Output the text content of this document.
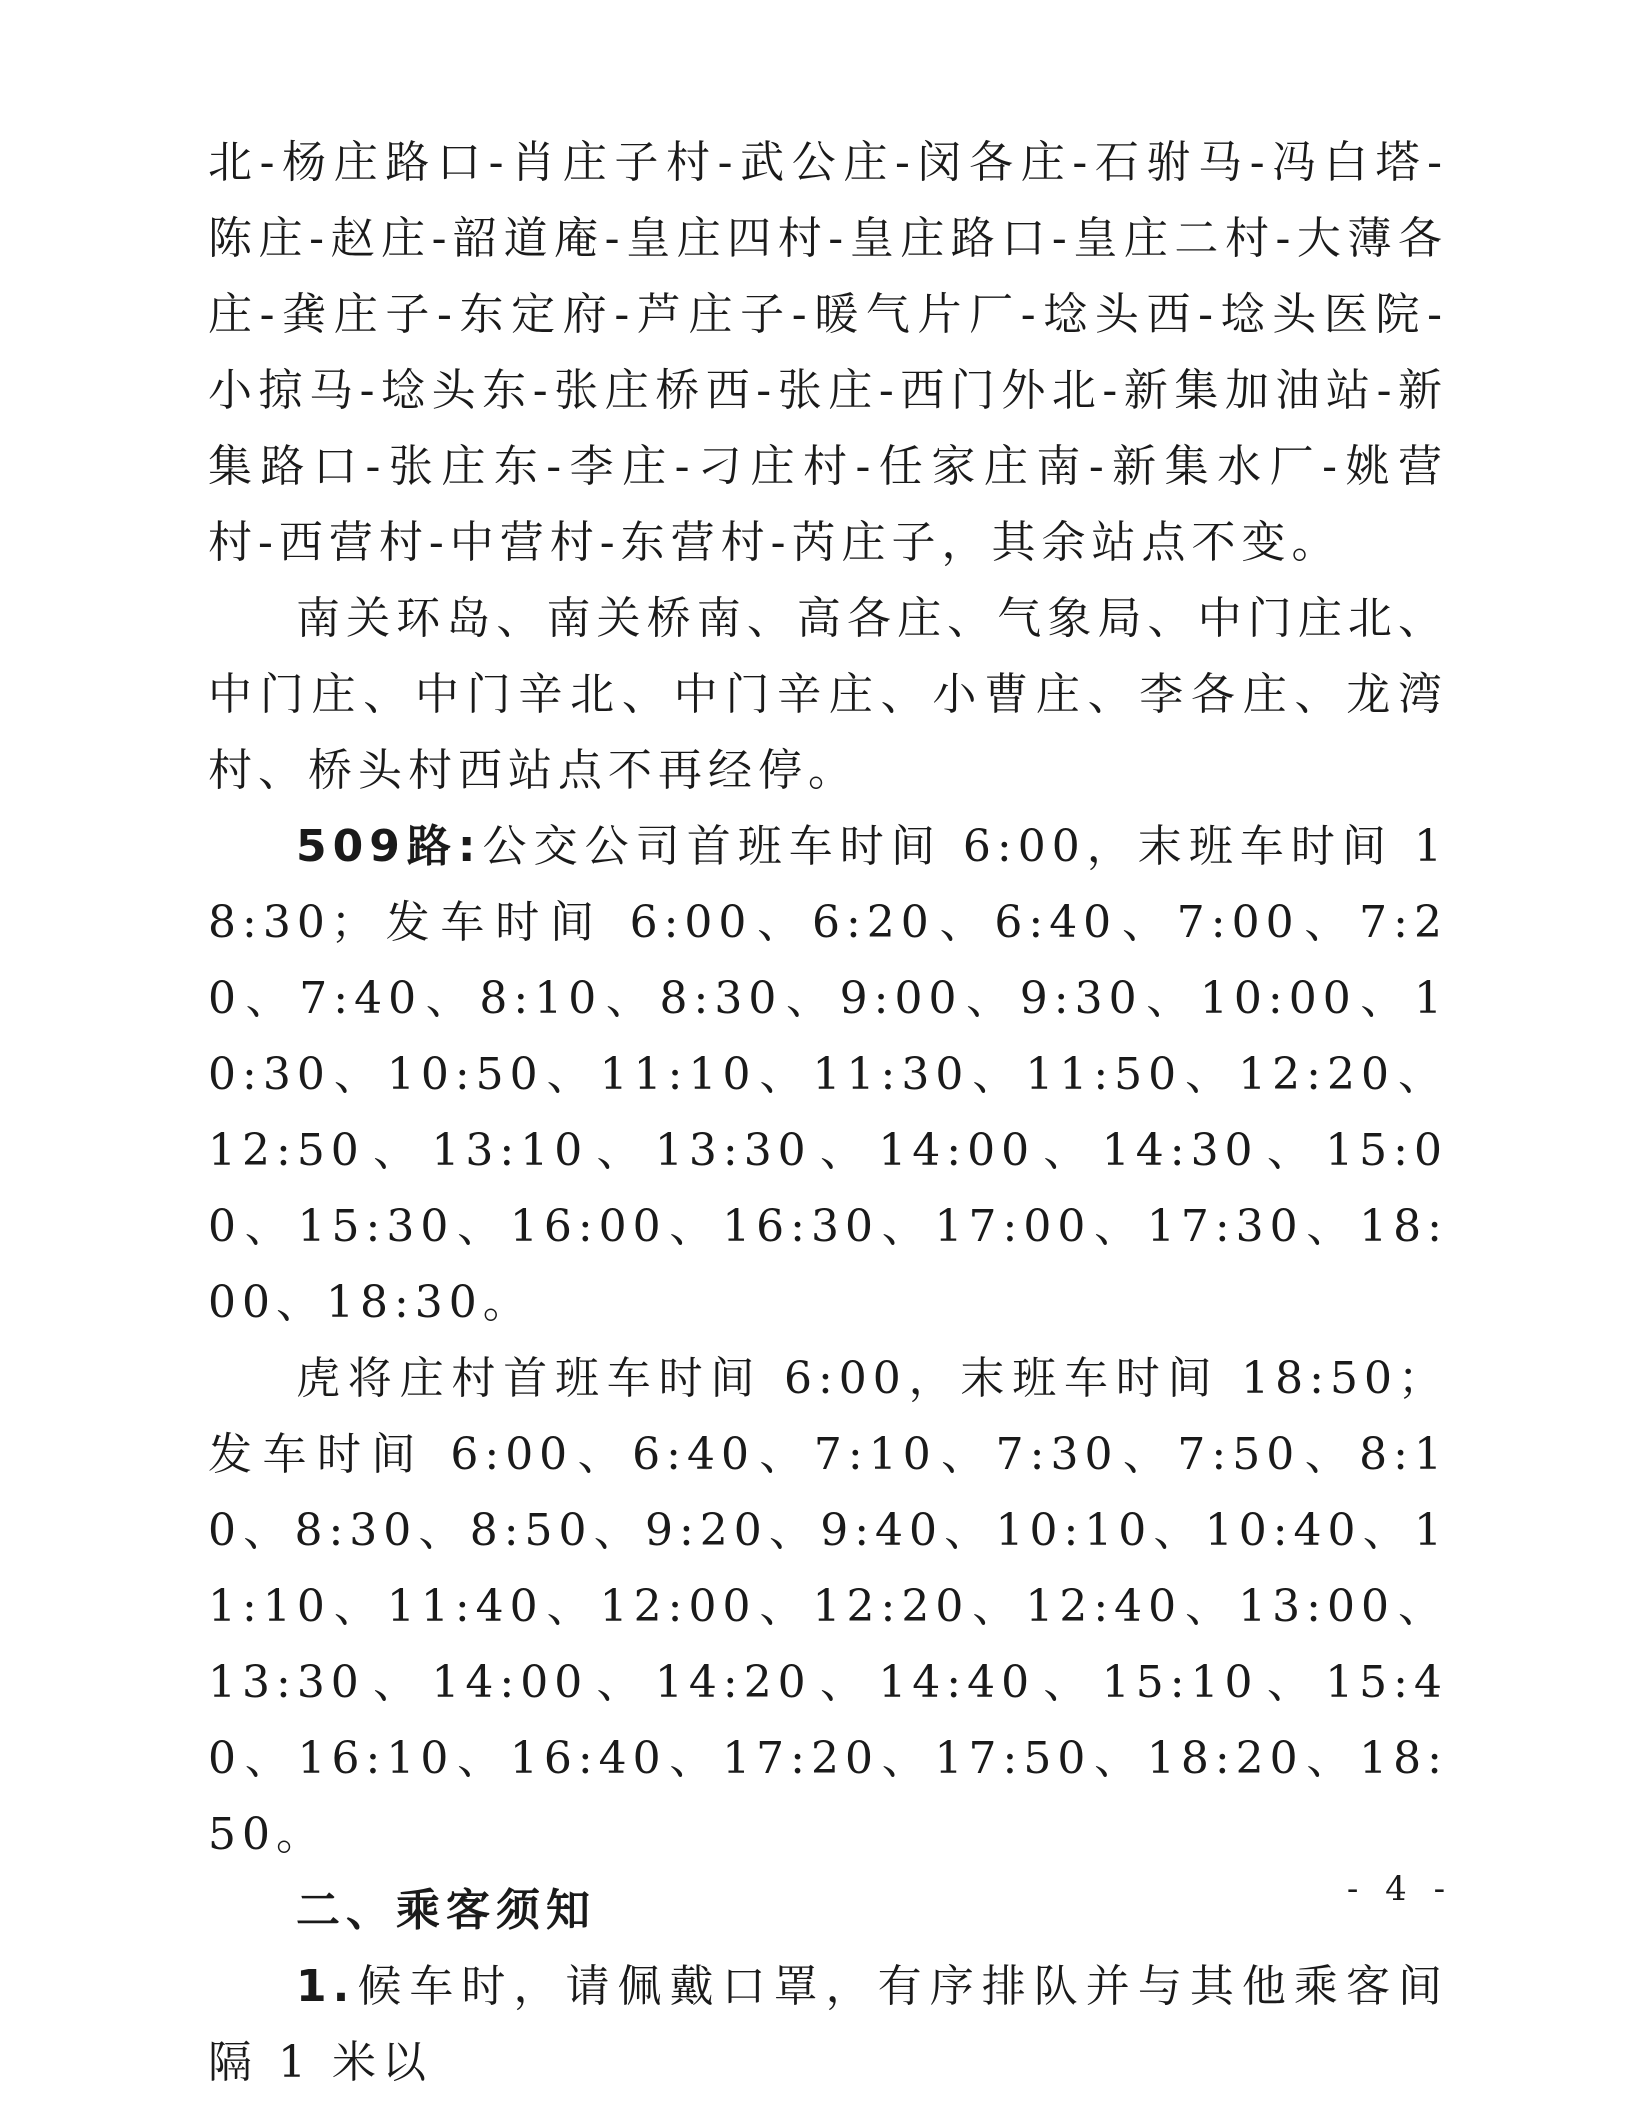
北-杨庄路口-肖庄子村-武公庄-闵各庄-石驸马-冯白塔-陈庄-赵庄-韶道庵-皇庄四村-皇庄路口-皇庄二村-大薄各庄-龚庄子-东定府-芦庄子-暖气片厂-埝头西-埝头医院-小掠马-埝头东-张庄桥西-张庄-西门外北-新集加油站-新集路口-张庄东-李庄-刁庄村-任家庄南-新集水厂-姚营村-西营村-中营村-东营村-芮庄子，其余站点不变。

南关环岛、南关桥南、高各庄、气象局、中门庄北、中门庄、中门辛北、中门辛庄、小曹庄、李各庄、龙湾村、桥头村西站点不再经停。

509路:公交公司首班车时间 6:00，末班车时间 18:30；发车时间 6:00、6:20、6:40、7:00、7:20、7:40、8:10、8:30、9:00、9:30、10:00、10:30、10:50、11:10、11:30、11:50、12:20、12:50、13:10、13:30、14:00、14:30、15:00、15:30、16:00、16:30、17:00、17:30、18:00、18:30。

虎将庄村首班车时间 6:00，末班车时间 18:50；发车时间 6:00、6:40、7:10、7:30、7:50、8:10、8:30、8:50、9:20、9:40、10:10、10:40、11:10、11:40、12:00、12:20、12:40、13:00、13:30、14:00、14:20、14:40、15:10、15:40、16:10、16:40、17:20、17:50、18:20、18:50。

二、乘客须知

1.候车时，请佩戴口罩，有序排队并与其他乘客间隔 1 米以

- 4 -
